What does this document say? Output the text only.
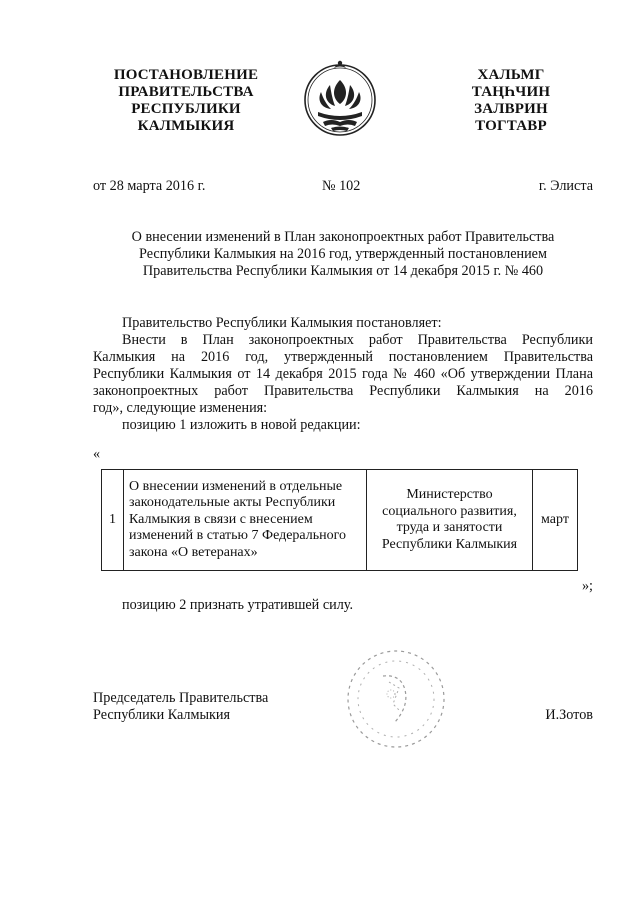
ПОСТАНОВЛЕНИЕ
ПРАВИТЕЛЬСТВА
РЕСПУБЛИКИ
КАЛМЫКИЯ
ХАЛЬМГ
ТАҢҺЧИН
ЗАЛВРИН
ТОГТАВР
от 28 марта 2016 г.	№ 102	г. Элиста
О внесении изменений в План законопроектных работ Правительства
Республики Калмыкия на 2016 год, утвержденный постановлением
Правительства Республики Калмыкия от 14 декабря 2015 г. № 460
Правительство Республики Калмыкия постановляет:
Внести в План законопроектных работ Правительства Республики
Калмыкия на 2016 год, утвержденный постановлением Правительства Республики Калмыкия от 14 декабря 2015 года № 460 «Об утверждении Плана законопроектных работ Правительства Республики Калмыкия на 2016
год», следующие изменения:
позицию 1 изложить в новой редакции:
«
1	О внесении изменений в отдельные законодательные акты Республики Калмыкия в связи с внесением изменений в статью 7 Федерального закона «О ветеранах»	Министерство социального развития, труда и занятости Республики Калмыкия	март
»;
позицию 2 признать утратившей силу.
Председатель Правительства
Республики Калмыкия	И.Зотов
